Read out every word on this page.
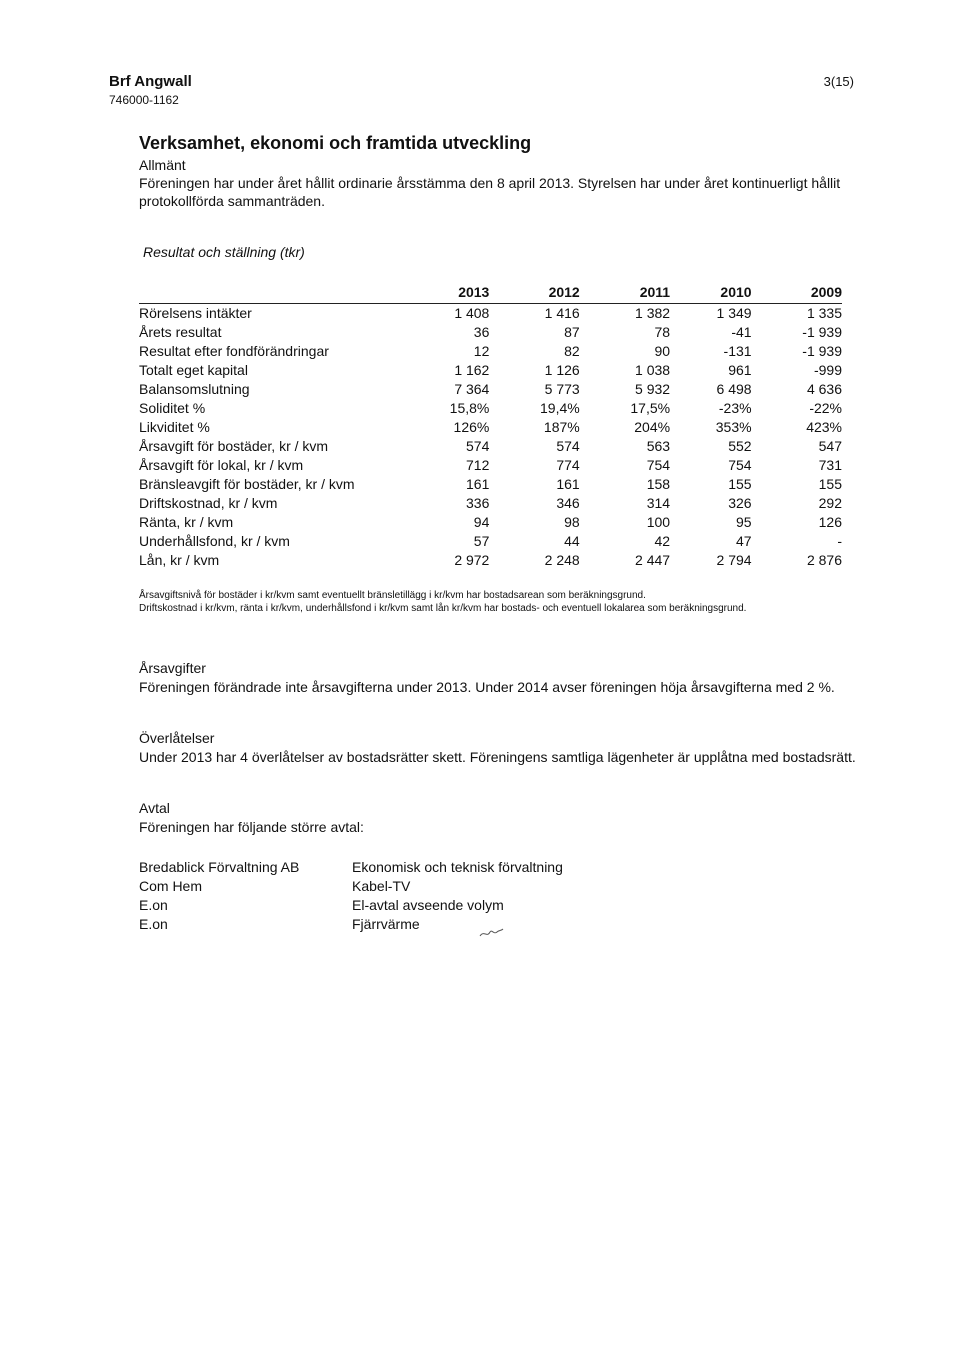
Brf Angwall
746000-1162
3(15)
Verksamhet, ekonomi och framtida utveckling
Allmänt
Föreningen har under året hållit ordinarie årsstämma den 8 april 2013. Styrelsen har under året kontinuerligt hållit protokollförda sammanträden.
Resultat och ställning (tkr)
	2013	2012	2011	2010	2009
Rörelsens intäkter	1 408	1 416	1 382	1 349	1 335
Årets resultat	36	87	78	-41	-1 939
Resultat efter fondförändringar	12	82	90	-131	-1 939
Totalt eget kapital	1 162	1 126	1 038	961	-999
Balansomslutning	7 364	5 773	5 932	6 498	4 636
Soliditet %	15,8%	19,4%	17,5%	-23%	-22%
Likviditet %	126%	187%	204%	353%	423%
Årsavgift för bostäder, kr / kvm	574	574	563	552	547
Årsavgift för lokal, kr / kvm	712	774	754	754	731
Bränsleavgift för bostäder, kr / kvm	161	161	158	155	155
Driftskostnad, kr / kvm	336	346	314	326	292
Ränta, kr / kvm	94	98	100	95	126
Underhållsfond, kr / kvm	57	44	42	47	-
Lån, kr / kvm	2 972	2 248	2 447	2 794	2 876
Årsavgiftsnivå för bostäder i kr/kvm samt eventuellt bränsletillägg i kr/kvm har bostadsarean som beräkningsgrund.
Driftskostnad i kr/kvm, ränta i kr/kvm, underhållsfond i kr/kvm samt lån kr/kvm har bostads- och eventuell lokalarea som beräkningsgrund.
Årsavgifter
Föreningen förändrade inte årsavgifterna under 2013. Under 2014 avser föreningen höja årsavgifterna med 2 %.
Överlåtelser
Under 2013 har 4 överlåtelser av bostadsrätter skett. Föreningens samtliga lägenheter är upplåtna med bostadsrätt.
Avtal
Föreningen har följande större avtal:
Bredablick Förvaltning AB	Ekonomisk och teknisk förvaltning
Com Hem	Kabel-TV
E.on	El-avtal avseende volym
E.on	Fjärrvärme
